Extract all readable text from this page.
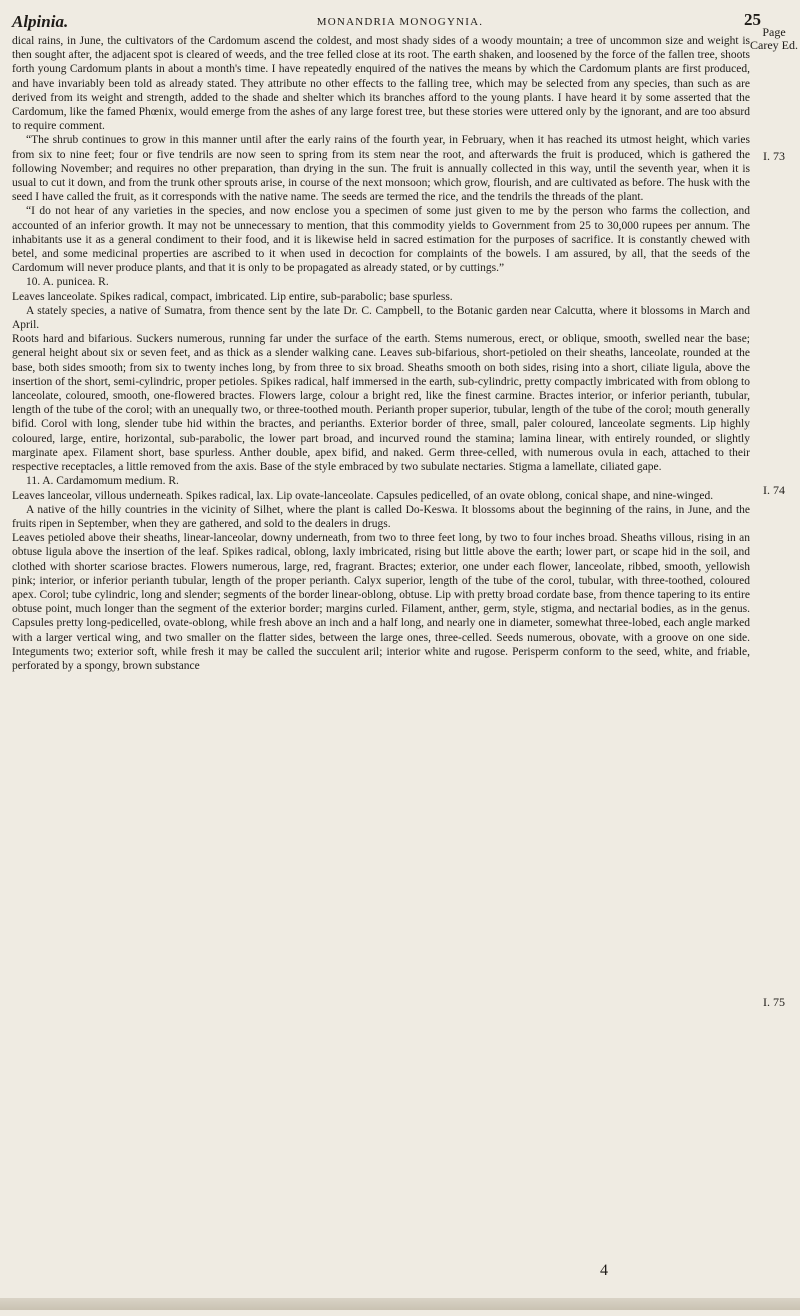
Alpinia.	MONANDRIA MONOGYNIA.	25
Page Carey Ed.
I. 73
I. 74
I. 75

dical rains, in June, the cultivators of the Cardomum ascend the coldest, and most shady sides of a woody mountain; a tree of uncommon size and weight is then sought after, the adjacent spot is cleared of weeds, and the tree felled close at its root. The earth shaken, and loosened by the force of the fallen tree, shoots forth young Cardomum plants in about a month's time. I have repeatedly enquired of the natives the means by which the Cardomum plants are first produced, and have invariably been told as already stated. They attribute no other effects to the falling tree, which may be selected from any species, than such as are derived from its weight and strength, added to the shade and shelter which its branches afford to the young plants. I have heard it by some asserted that the Cardomum, like the famed Phœnix, would emerge from the ashes of any large forest tree, but these stories were uttered only by the ignorant, and are too absurd to require comment.

“The shrub continues to grow in this manner until after the early rains of the fourth year, in February, when it has reached its utmost height, which varies from six to nine feet; four or five tendrils are now seen to spring from its stem near the root, and afterwards the fruit is produced, which is gathered the following November; and requires no other preparation, than drying in the sun. The fruit is annually collected in this way, until the seventh year, when it is usual to cut it down, and from the trunk other sprouts arise, in course of the next monsoon; which grow, flourish, and are cultivated as before. The husk with the seed I have called the fruit, as it corresponds with the native name. The seeds are termed the rice, and the tendrils the threads of the plant.

“I do not hear of any varieties in the species, and now enclose you a specimen of some just given to me by the person who farms the collection, and accounted of an inferior growth. It may not be unnecessary to mention, that this commodity yields to Government from 25 to 30,000 rupees per annum. The inhabitants use it as a general condiment to their food, and it is likewise held in sacred estimation for the purposes of sacrifice. It is constantly chewed with betel, and some medicinal properties are ascribed to it when used in decoction for complaints of the bowels. I am assured, by all, that the seeds of the Cardomum will never produce plants, and that it is only to be propagated as already stated, or by cuttings.”

10. A. punicea. R.

Leaves lanceolate. Spikes radical, compact, imbricated. Lip entire, sub-parabolic; base spurless.

A stately species, a native of Sumatra, from thence sent by the late Dr. C. Campbell, to the Botanic garden near Calcutta, where it blossoms in March and April.

Roots hard and bifarious. Suckers numerous, running far under the surface of the earth. Stems numerous, erect, or oblique, smooth, swelled near the base; general height about six or seven feet, and as thick as a slender walking cane. Leaves sub-bifarious, short-petioled on their sheaths, lanceolate, rounded at the base, both sides smooth; from six to twenty inches long, by from three to six broad. Sheaths smooth on both sides, rising into a short, ciliate ligula, above the insertion of the short, semi-cylindric, proper petioles. Spikes radical, half immersed in the earth, sub-cylindric, pretty compactly imbricated with from oblong to lanceolate, coloured, smooth, one-flowered bractes. Flowers large, colour a bright red, like the finest carmine. Bractes interior, or inferior perianth, tubular, length of the tube of the corol; with an unequally two, or three-toothed mouth. Perianth proper superior, tubular, length of the tube of the corol; mouth generally bifid. Corol with long, slender tube hid within the bractes, and perianths. Exterior border of three, small, paler coloured, lanceolate segments. Lip highly coloured, large, entire, horizontal, sub-parabolic, the lower part broad, and incurved round the stamina; lamina linear, with entirely rounded, or slightly marginate apex. Filament short, base spurless. Anther double, apex bifid, and naked. Germ three-celled, with numerous ovula in each, attached to their respective receptacles, a little removed from the axis. Base of the style embraced by two subulate nectaries. Stigma a lamellate, ciliated gape.

11. A. Cardamomum medium. R.

Leaves lanceolar, villous underneath. Spikes radical, lax. Lip ovate-lanceolate. Capsules pedicelled, of an ovate oblong, conical shape, and nine-winged.

A native of the hilly countries in the vicinity of Silhet, where the plant is called Do-Keswa. It blossoms about the beginning of the rains, in June, and the fruits ripen in September, when they are gathered, and sold to the dealers in drugs.

Leaves petioled above their sheaths, linear-lanceolar, downy underneath, from two to three feet long, by two to four inches broad. Sheaths villous, rising in an obtuse ligula above the insertion of the leaf. Spikes radical, oblong, laxly imbricated, rising but little above the earth; lower part, or scape hid in the soil, and clothed with shorter scariose bractes. Flowers numerous, large, red, fragrant. Bractes; exterior, one under each flower, lanceolate, ribbed, smooth, yellowish pink; interior, or inferior perianth tubular, length of the proper perianth. Calyx superior, length of the tube of the corol, tubular, with three-toothed, coloured apex. Corol; tube cylindric, long and slender; segments of the border linear-oblong, obtuse. Lip with pretty broad cordate base, from thence tapering to its entire obtuse point, much longer than the segment of the exterior border; margins curled. Filament, anther, germ, style, stigma, and nectarial bodies, as in the genus. Capsules pretty long-pedicelled, ovate-oblong, while fresh above an inch and a half long, and nearly one in diameter, somewhat three-lobed, each angle marked with a larger vertical wing, and two smaller on the flatter sides, between the large ones, three-celled. Seeds numerous, obovate, with a groove on one side. Integuments two; exterior soft, while fresh it may be called the succulent aril; interior white and rugose. Perisperm conform to the seed, white, and friable, perforated by a spongy, brown substance

4
